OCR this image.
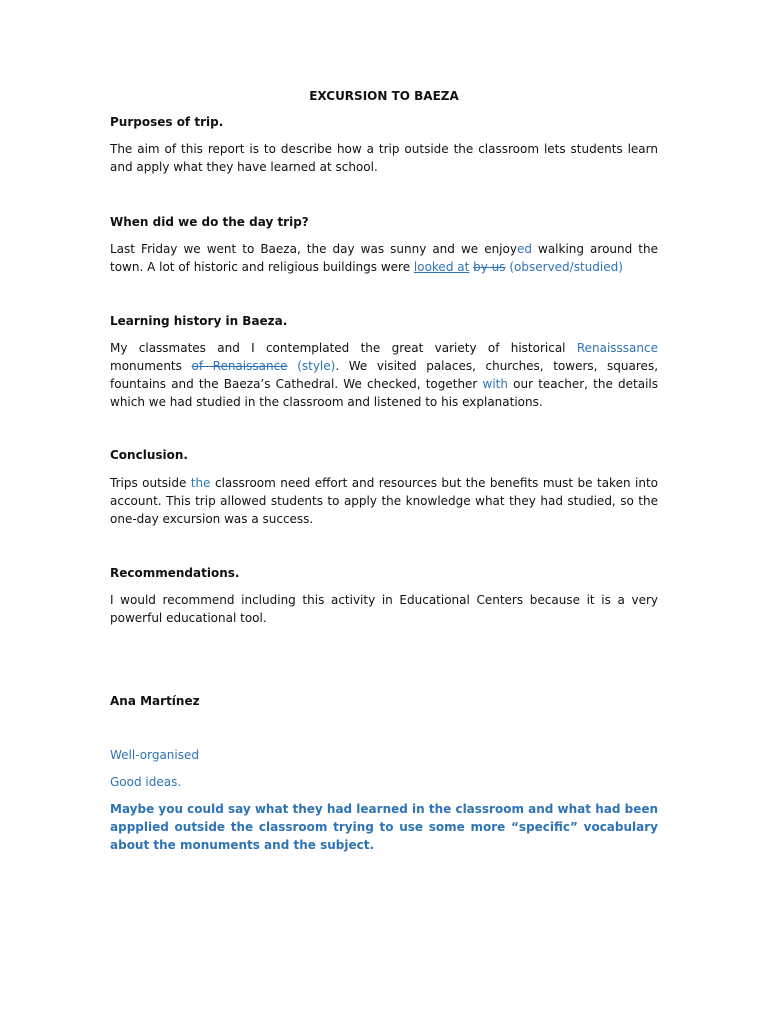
EXCURSION TO BAEZA

Purposes of trip.

The aim of this report is to describe how a trip outside the classroom lets students learn and apply what they have learned at school.

When did we do the day trip?

Last Friday we went to Baeza, the day was sunny and we enjoyed walking around the town. A lot of historic and religious buildings were looked at by us (observed/studied)

Learning history in Baeza.

My classmates and I contemplated the great variety of historical Renaisssance monuments of Renaissance (style). We visited palaces, churches, towers, squares, fountains and the Baeza’s Cathedral. We checked, together with our teacher, the details which we had studied in the classroom and listened to his explanations.

Conclusion.

Trips outside the classroom need effort and resources but the benefits must be taken into account. This trip allowed students to apply the knowledge what they had studied, so the one-day excursion was a success.

Recommendations.

I would recommend including this activity in Educational Centers because it is a very powerful educational tool.

Ana Martínez

Well-organised

Good ideas.

Maybe you could say what they had learned in the classroom and what had been appplied outside the classroom trying to use some more “specific” vocabulary about the monuments and the subject.
